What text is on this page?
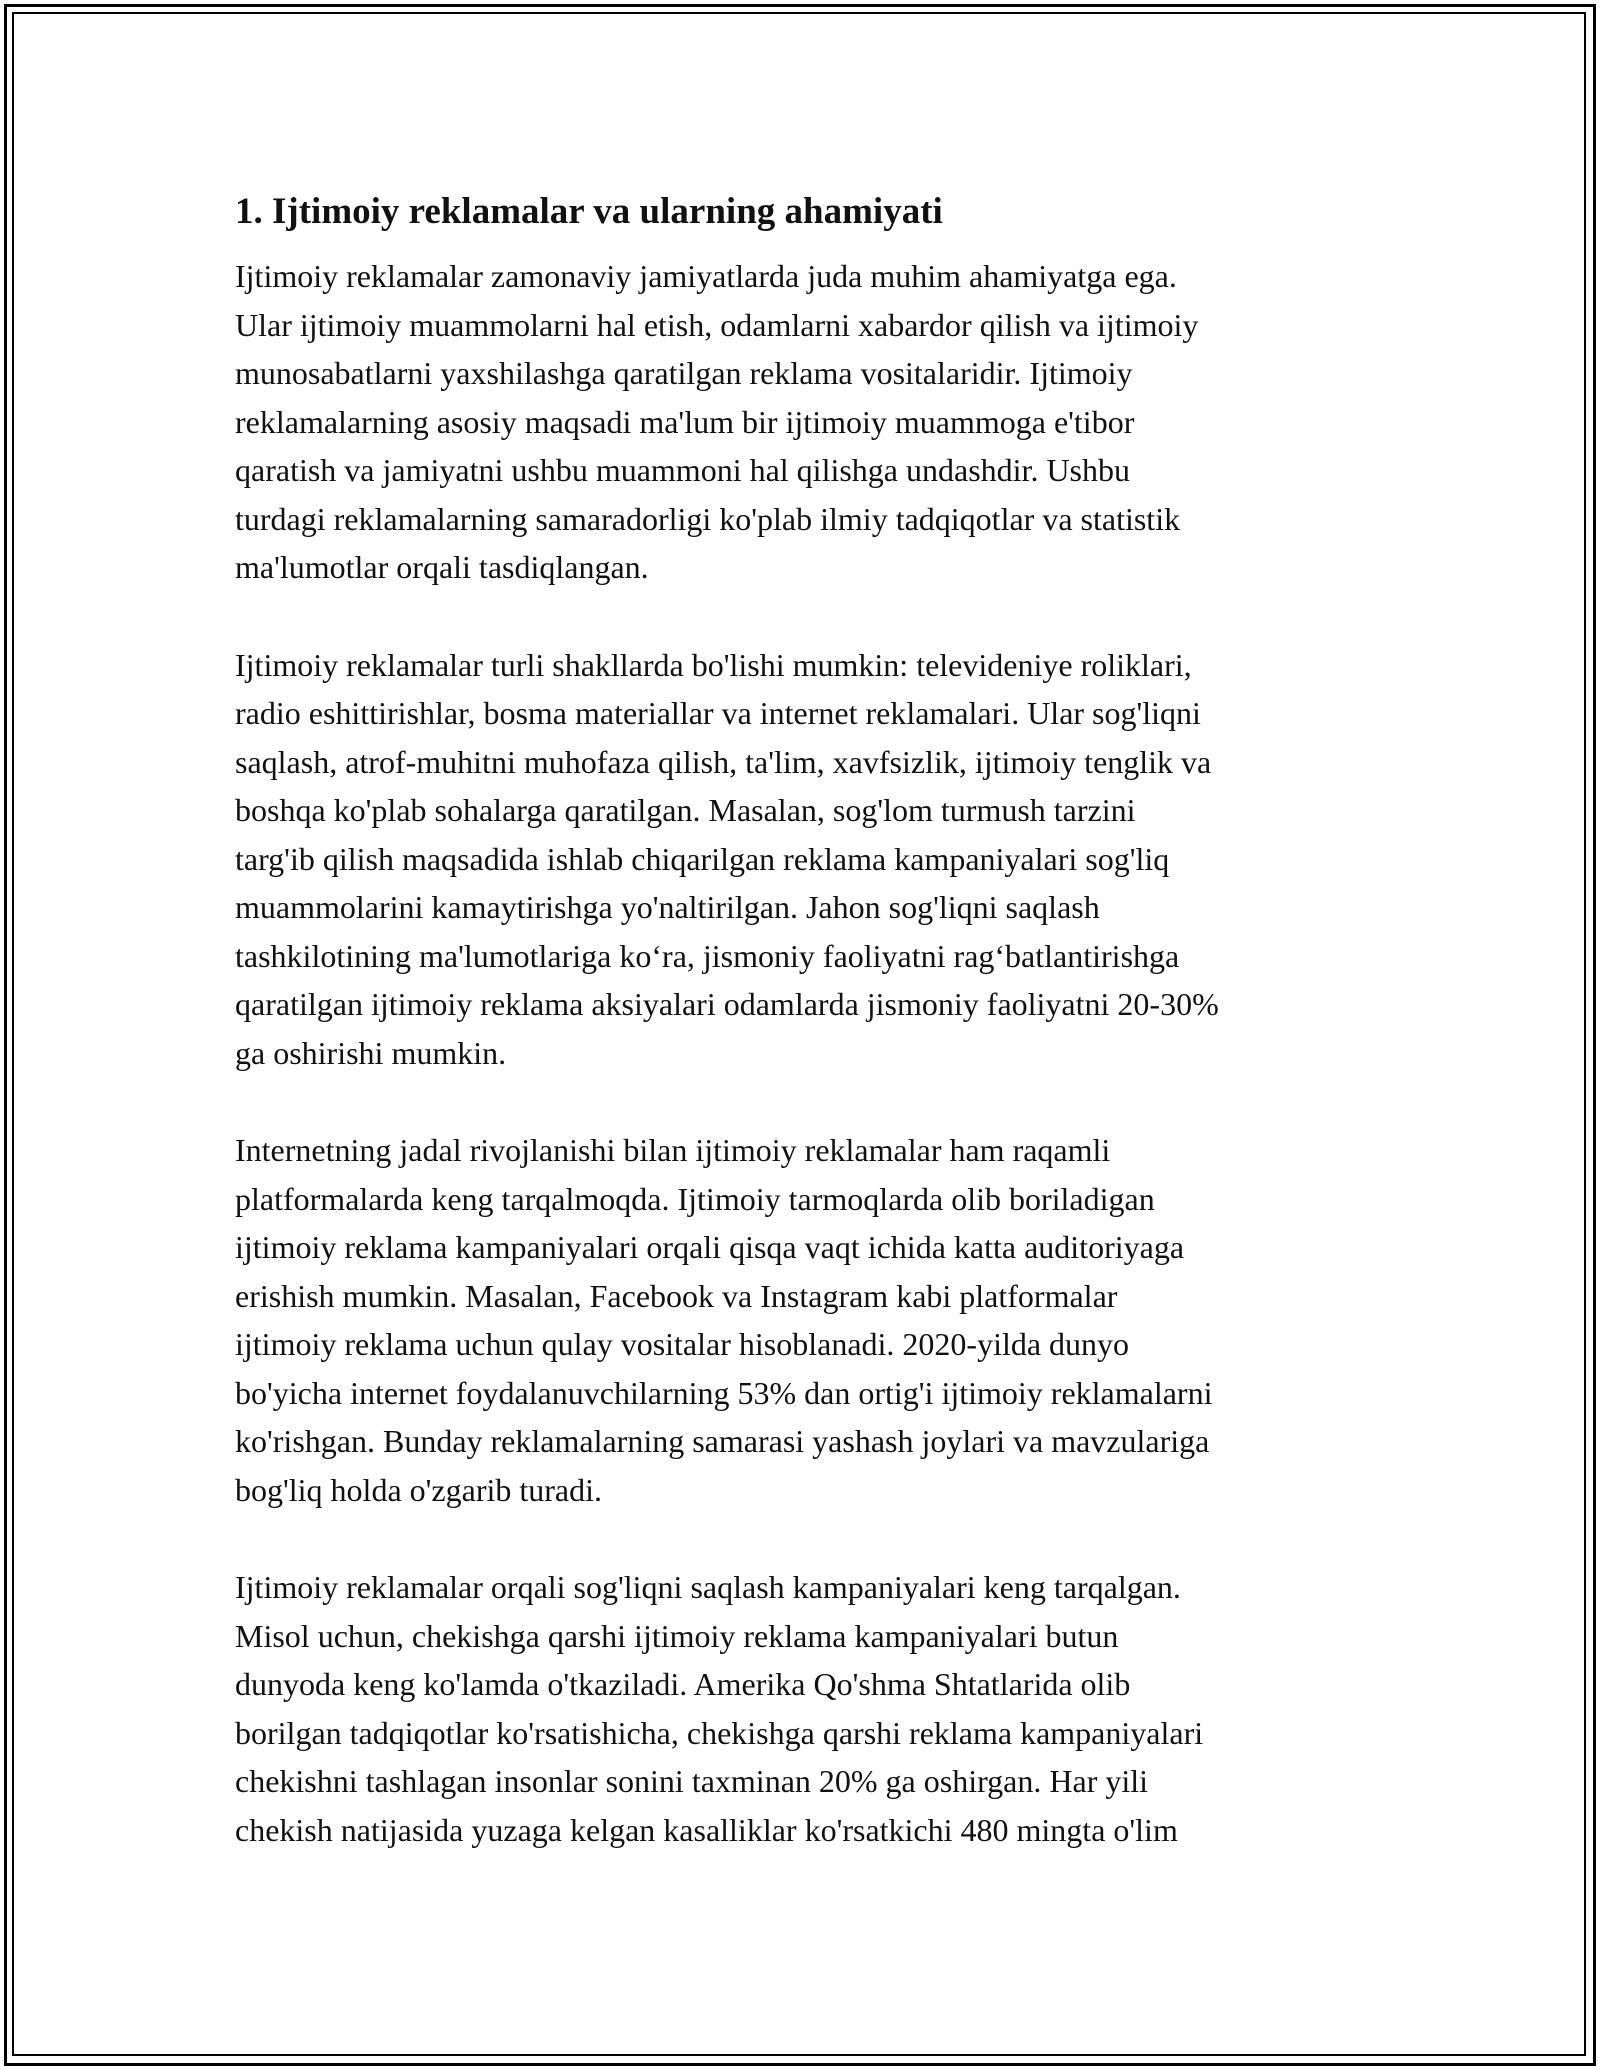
1. Ijtimoiy reklamalar va ularning ahamiyati

Ijtimoiy reklamalar zamonaviy jamiyatlarda juda muhim ahamiyatga ega.
Ular ijtimoiy muammolarni hal etish, odamlarni xabardor qilish va ijtimoiy
munosabatlarni yaxshilashga qaratilgan reklama vositalaridir. Ijtimoiy
reklamalarning asosiy maqsadi ma'lum bir ijtimoiy muammoga e'tibor
qaratish va jamiyatni ushbu muammoni hal qilishga undashdir. Ushbu
turdagi reklamalarning samaradorligi ko'plab ilmiy tadqiqotlar va statistik
ma'lumotlar orqali tasdiqlangan.

Ijtimoiy reklamalar turli shakllarda bo'lishi mumkin: televideniye roliklari,
radio eshittirishlar, bosma materiallar va internet reklamalari. Ular sog'liqni
saqlash, atrof-muhitni muhofaza qilish, ta'lim, xavfsizlik, ijtimoiy tenglik va
boshqa ko'plab sohalarga qaratilgan. Masalan, sog'lom turmush tarzini
targ'ib qilish maqsadida ishlab chiqarilgan reklama kampaniyalari sog'liq
muammolarini kamaytirishga yo'naltirilgan. Jahon sog'liqni saqlash
tashkilotining ma'lumotlariga koʻra, jismoniy faoliyatni ragʻbatlantirishga
qaratilgan ijtimoiy reklama aksiyalari odamlarda jismoniy faoliyatni 20-30%
ga oshirishi mumkin.

Internetning jadal rivojlanishi bilan ijtimoiy reklamalar ham raqamli
platformalarda keng tarqalmoqda. Ijtimoiy tarmoqlarda olib boriladigan
ijtimoiy reklama kampaniyalari orqali qisqa vaqt ichida katta auditoriyaga
erishish mumkin. Masalan, Facebook va Instagram kabi platformalar
ijtimoiy reklama uchun qulay vositalar hisoblanadi. 2020-yilda dunyo
bo'yicha internet foydalanuvchilarning 53% dan ortig'i ijtimoiy reklamalarni
ko'rishgan. Bunday reklamalarning samarasi yashash joylari va mavzulariga
bog'liq holda o'zgarib turadi.

Ijtimoiy reklamalar orqali sog'liqni saqlash kampaniyalari keng tarqalgan.
Misol uchun, chekishga qarshi ijtimoiy reklama kampaniyalari butun
dunyoda keng ko'lamda o'tkaziladi. Amerika Qo'shma Shtatlarida olib
borilgan tadqiqotlar ko'rsatishicha, chekishga qarshi reklama kampaniyalari
chekishni tashlagan insonlar sonini taxminan 20% ga oshirgan. Har yili
chekish natijasida yuzaga kelgan kasalliklar ko'rsatkichi 480 mingta o'lim
